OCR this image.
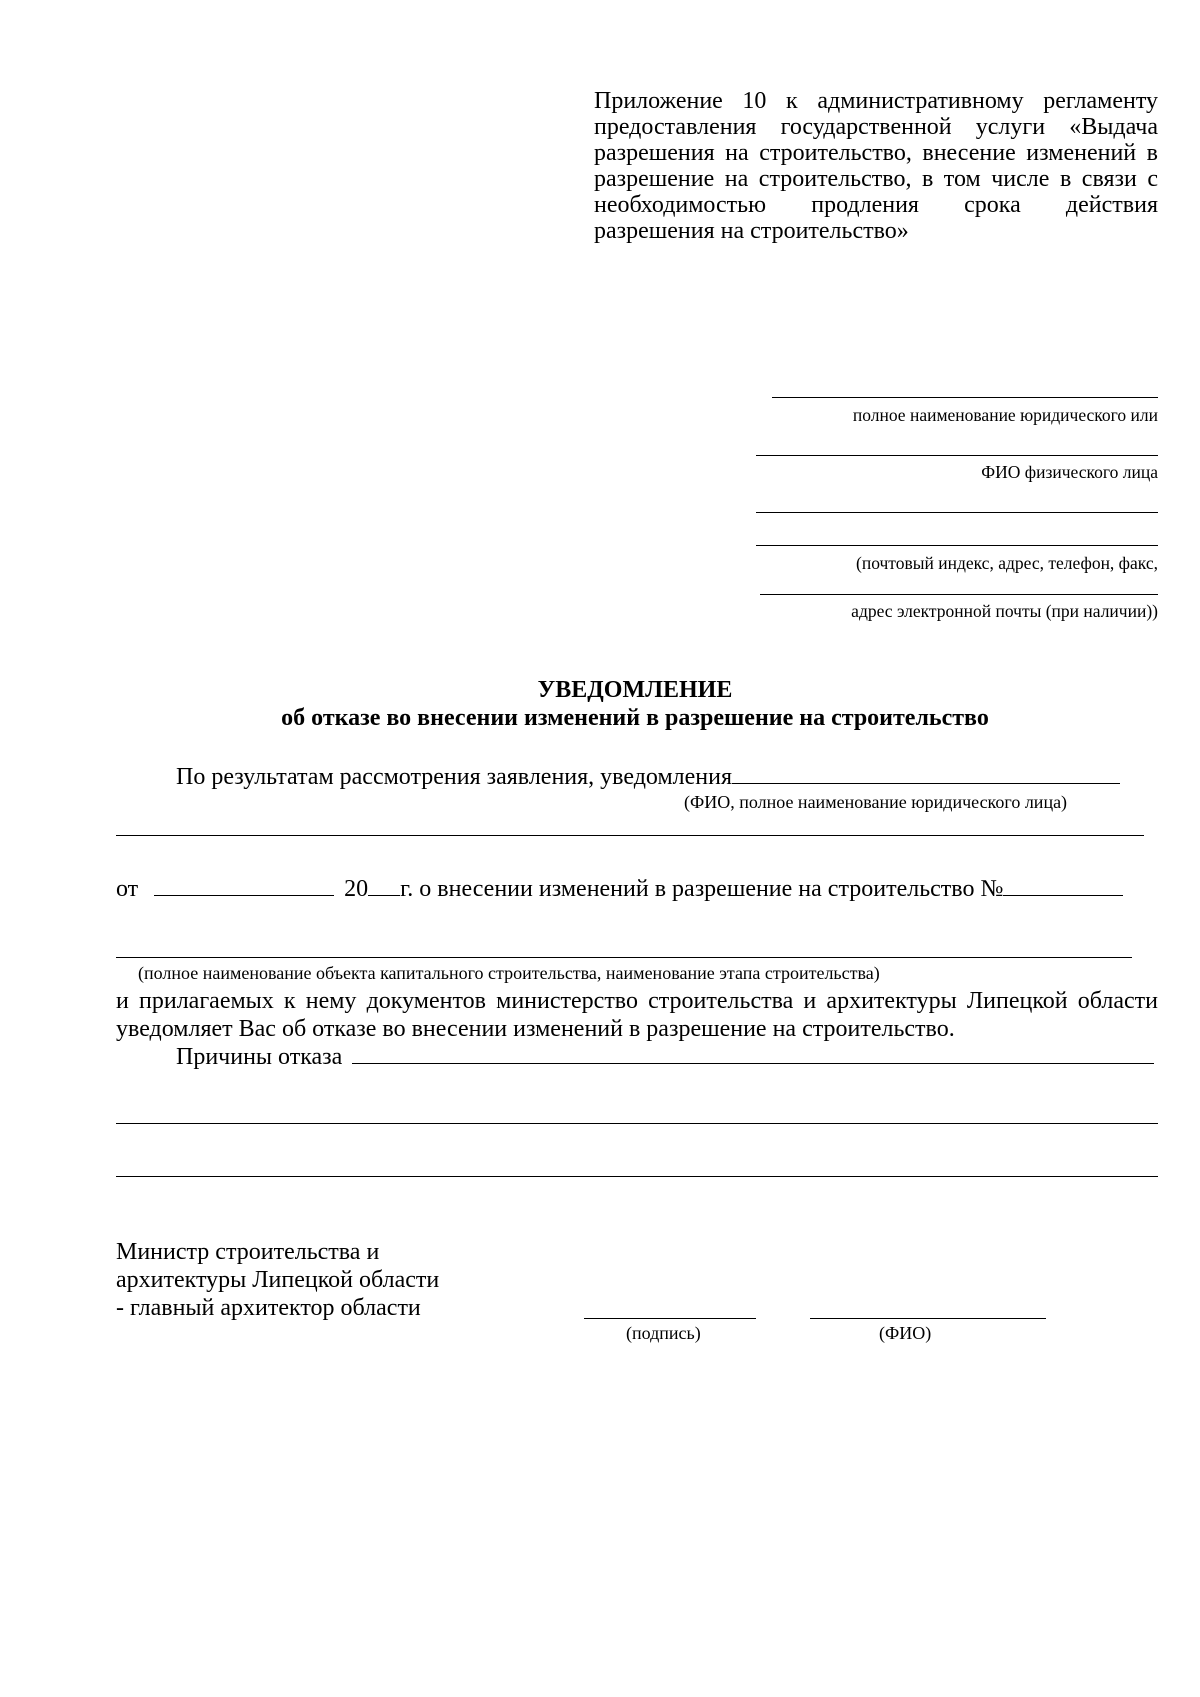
Приложение 10 к административному регламенту
предоставления государственной услуги «Выдача
разрешения на строительство, внесение изменений в
разрешение на строительство, в том числе в связи с
необходимостью продления срока действия
разрешения на строительство»
полное наименование юридического или
ФИО физического лица
(почтовый индекс, адрес, телефон, факс,
адрес электронной почты (при наличии))
УВЕДОМЛЕНИЕ
об отказе во внесении изменений в разрешение на строительство
По результатам рассмотрения заявления, уведомления
(ФИО, полное наименование юридического лица)
от	20 г. о внесении изменений в разрешение на строительство №
(полное наименование объекта капитального строительства, наименование этапа строительства)
и прилагаемых к нему документов министерство строительства и архитектуры Липецкой области
уведомляет Вас об отказе во внесении изменений в разрешение на строительство.
Причины отказа
Министр строительства и
архитектуры Липецкой области
- главный архитектор области
(подпись)	(ФИО)
